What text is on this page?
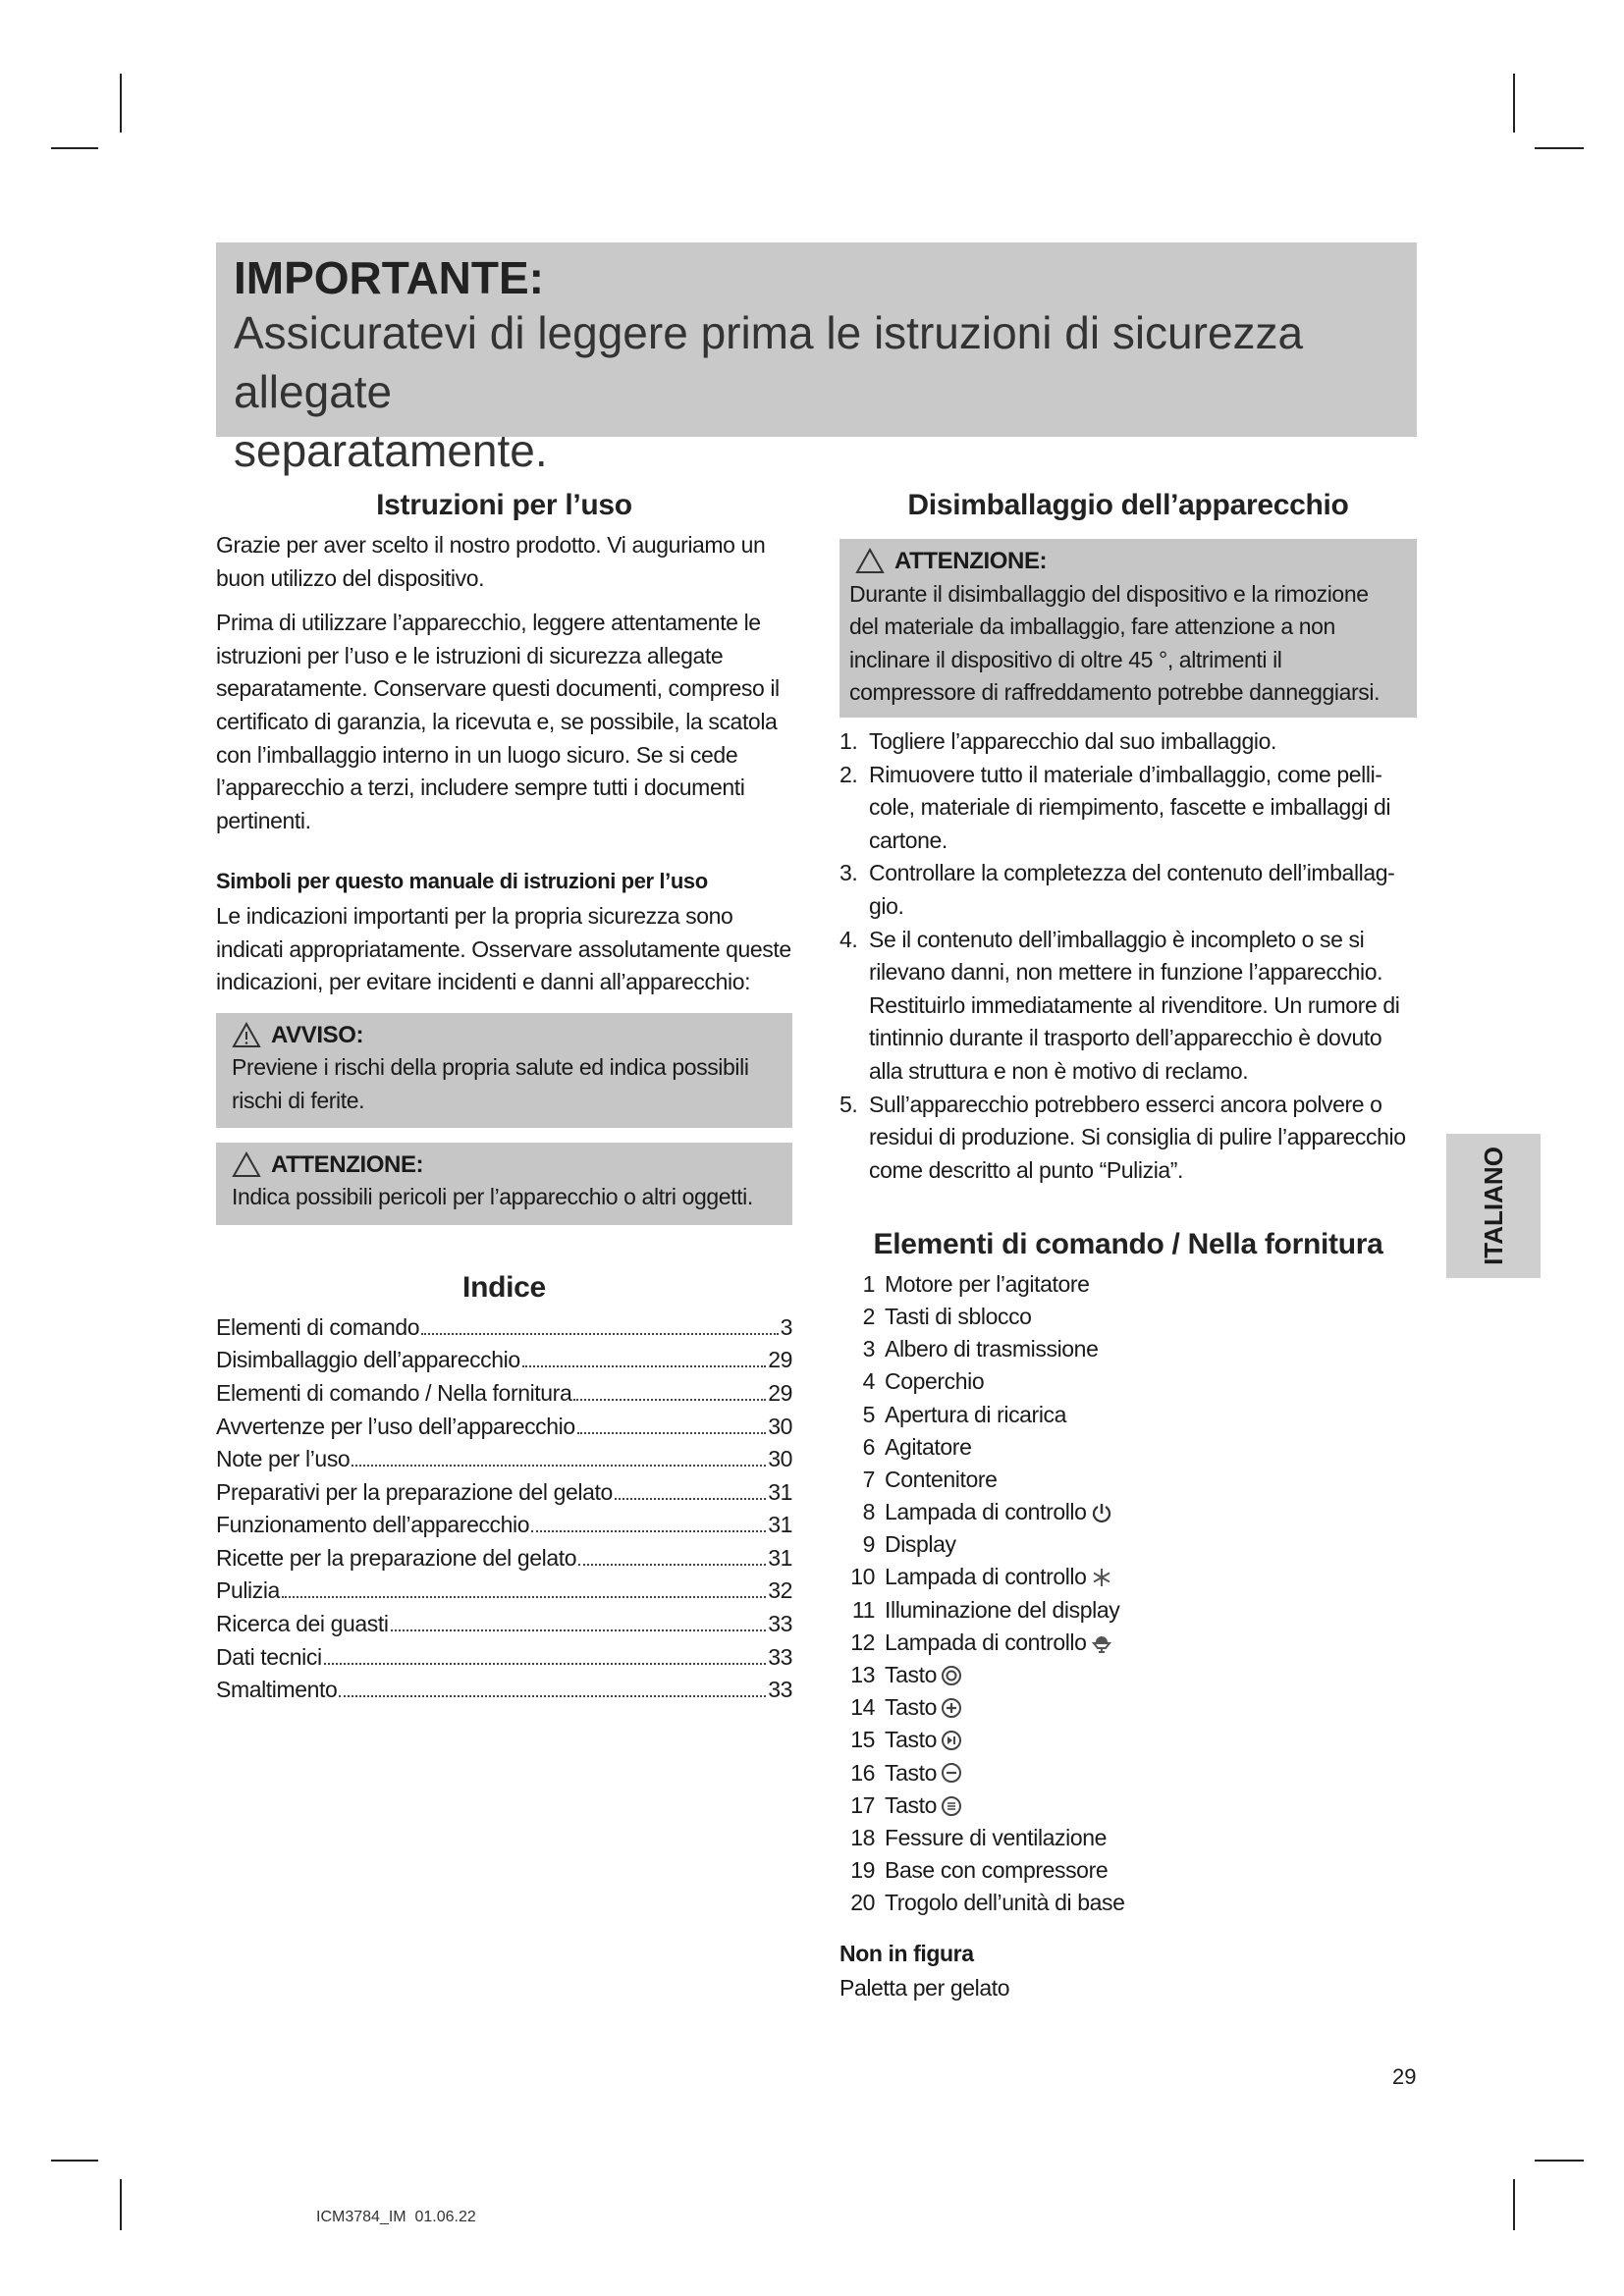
IMPORTANTE:
Assicuratevi di leggere prima le istruzioni di sicurezza allegate
separatamente.
Istruzioni per l’uso

Grazie per aver scelto il nostro prodotto. Vi auguriamo un buon utilizzo del dispositivo.

Prima di utilizzare l’apparecchio, leggere attentamente le istruzioni per l’uso e le istruzioni di sicurezza allegate separatamente. Conservare questi documenti, compreso il certificato di garanzia, la ricevuta e, se possibile, la scatola con l’imballaggio interno in un luogo sicuro. Se si cede l’apparecchio a terzi, includere sempre tutti i documenti pertinenti.

Simboli per questo manuale di istruzioni per l’uso

Le indicazioni importanti per la propria sicurezza sono indicati appropriatamente. Osservare assolutamente queste indicazioni, per evitare incidenti e danni all’apparecchio:

AVVISO:

Previene i rischi della propria salute ed indica possibili rischi di ferite.

ATTENZIONE:

Indica possibili pericoli per l’apparecchio o altri oggetti.

Indice
Elementi di comando	3
Disimballaggio dell’apparecchio	29
Elementi di comando / Nella fornitura	29
Avvertenze per l’uso dell’apparecchio	30
Note per l’uso	30
Preparativi per la preparazione del gelato	31
Funzionamento dell’apparecchio	31
Ricette per la preparazione del gelato	31
Pulizia	32
Ricerca dei guasti	33
Dati tecnici	33
Smaltimento	33
Disimballaggio dell’apparecchio
ATTENZIONE:

Durante il disimballaggio del dispositivo e la rimozione del materiale da imballaggio, fare attenzione a non inclinare il dispositivo di oltre 45 °, altrimenti il compressore di raffreddamento potrebbe danneggiarsi.

1. Togliere l’apparecchio dal suo imballaggio.
2. Rimuovere tutto il materiale d’imballaggio, come pelli-cole, materiale di riempimento, fascette e imballaggi di cartone.
3. Controllare la completezza del contenuto dell’imballag-gio.
4. Se il contenuto dell’imballaggio è incompleto o se si rilevano danni, non mettere in funzione l’apparecchio. Restituirlo immediatamente al rivenditore. Un rumore di tintinnio durante il trasporto dell’apparecchio è dovuto alla struttura e non è motivo di reclamo.
5. Sull’apparecchio potrebbero esserci ancora polvere o residui di produzione. Si consiglia di pulire l’apparecchio come descritto al punto “Pulizia”.
Elementi di comando / Nella fornitura
1 Motore per l’agitatore
2 Tasti di sblocco
3 Albero di trasmissione
4 Coperchio
5 Apertura di ricarica
6 Agitatore
7 Contenitore
8 Lampada di controllo
9 Display
10 Lampada di controllo
11 Illuminazione del display
12 Lampada di controllo
13 Tasto
14 Tasto
15 Tasto
16 Tasto
17 Tasto
18 Fessure di ventilazione
19 Base con compressore
20 Trogolo dell’unità di base

Non in figura

Paletta per gelato

ITALIANO
29
ICM3784_IM  01.06.22
